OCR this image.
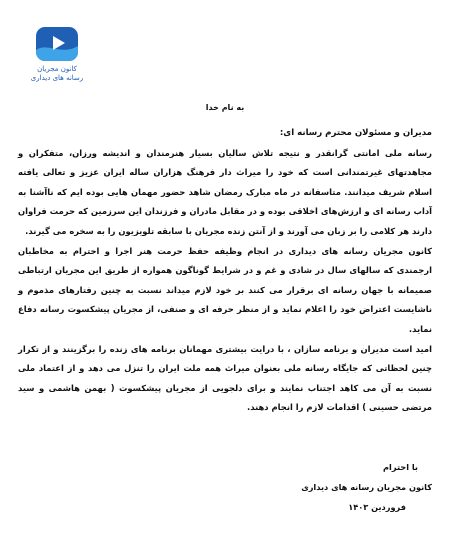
کانون مجریان
رسانه های دیداری
به نام خدا

مدیران و مسئولان محترم رسانه ای:

رسانه ملی امانتی گرانقدر و نتیجه تلاش سالیان بسیار هنرمندان و اندیشه ورزان، متفکران و مجاهدتهای غیرتمندانی است که خود را میراث دار فرهنگ هزاران ساله ایران عزیز و تعالی یافته اسلام شریف میدانند. متاسفانه در ماه مبارک رمضان شاهد حضور مهمان هایی بوده ایم که ناآشنا به آداب رسانه ای و ارزش‌های اخلاقی بوده و در مقابل مادران و فرزندان این سرزمین که حرمت فراوان دارند هر کلامی را بر زبان می آورند و از آنتن زنده مجریان با سابقه تلویزیون را به سخره می گیرند.

کانون مجریان رسانه های دیداری در انجام وظیفه حفظ حرمت هنر اجرا و احترام به مخاطبان ارجمندی که سالهای سال در شادی و غم و در شرایط گوناگون همواره از طریق این مجریان ارتباطی صمیمانه با جهان رسانه ای برقرار می کنند بر خود لازم میداند نسبت به چنین رفتارهای مذموم و ناشایست اعتراض خود را اعلام نماید و از منظر حرفه ای و صنفی، از مجریان پیشکسوت رسانه دفاع نماید.

امید است مدیران و برنامه سازان ، با درایت بیشتری مهمانان برنامه های زنده را برگزینند و از تکرار چنین لحظاتی که جایگاه رسانه ملی بعنوان میراث همه ملت ایران را تنزل می دهد و از اعتماد ملی نسبت به آن می کاهد اجتناب نمایند و برای دلجویی از مجریان پیشکسوت ( بهمن هاشمی و سید مرتضی حسینی ) اقدامات لازم را انجام دهند.

با احترام
کانون مجریان رسانه های دیداری
فروردین ۱۴۰۳
